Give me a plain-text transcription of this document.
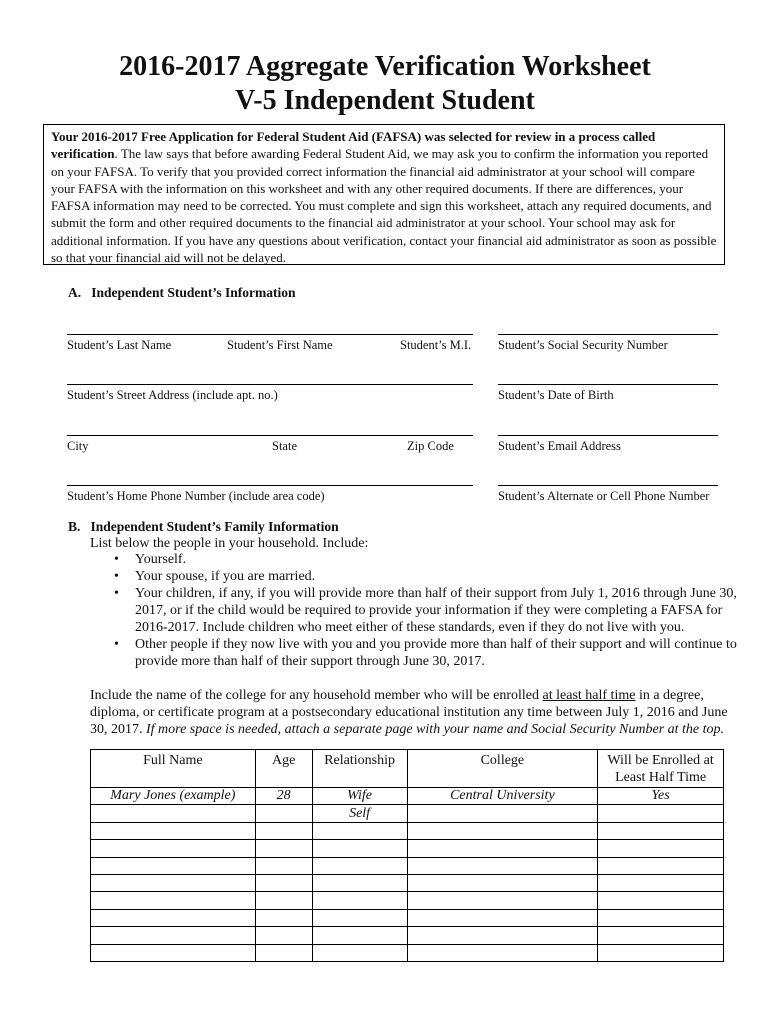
2016-2017 Aggregate Verification Worksheet
V-5 Independent Student
Your 2016-2017 Free Application for Federal Student Aid (FAFSA) was selected for review in a process called verification. The law says that before awarding Federal Student Aid, we may ask you to confirm the information you reported on your FAFSA. To verify that you provided correct information the financial aid administrator at your school will compare your FAFSA with the information on this worksheet and with any other required documents. If there are differences, your FAFSA information may need to be corrected. You must complete and sign this worksheet, attach any required documents, and submit the form and other required documents to the financial aid administrator at your school. Your school may ask for additional information. If you have any questions about verification, contact your financial aid administrator as soon as possible so that your financial aid will not be delayed.
A.   Independent Student’s Information
Student’s Last Name	Student’s First Name	Student’s M.I. Student’s Social Security Number
Student’s Street Address (include apt. no.)	Student’s Date of Birth
City	State	Zip Code	Student’s Email Address
Student’s Home Phone Number (include area code)	Student’s Alternate or Cell Phone Number
B.   Independent Student’s Family Information
List below the people in your household. Include:
• Yourself.
• Your spouse, if you are married.
• Your children, if any, if you will provide more than half of their support from July 1, 2016 through June 30, 2017, or if the child would be required to provide your information if they were completing a FAFSA for 2016-2017. Include children who meet either of these standards, even if they do not live with you.
• Other people if they now live with you and you provide more than half of their support and will continue to provide more than half of their support through June 30, 2017.
Include the name of the college for any household member who will be enrolled at least half time in a degree, diploma, or certificate program at a postsecondary educational institution any time between July 1, 2016 and June 30, 2017. If more space is needed, attach a separate page with your name and Social Security Number at the top.
Full Name	Age	Relationship	College	Will be Enrolled at Least Half Time
Mary Jones (example)	28	Wife	Central University	Yes
		Self		
